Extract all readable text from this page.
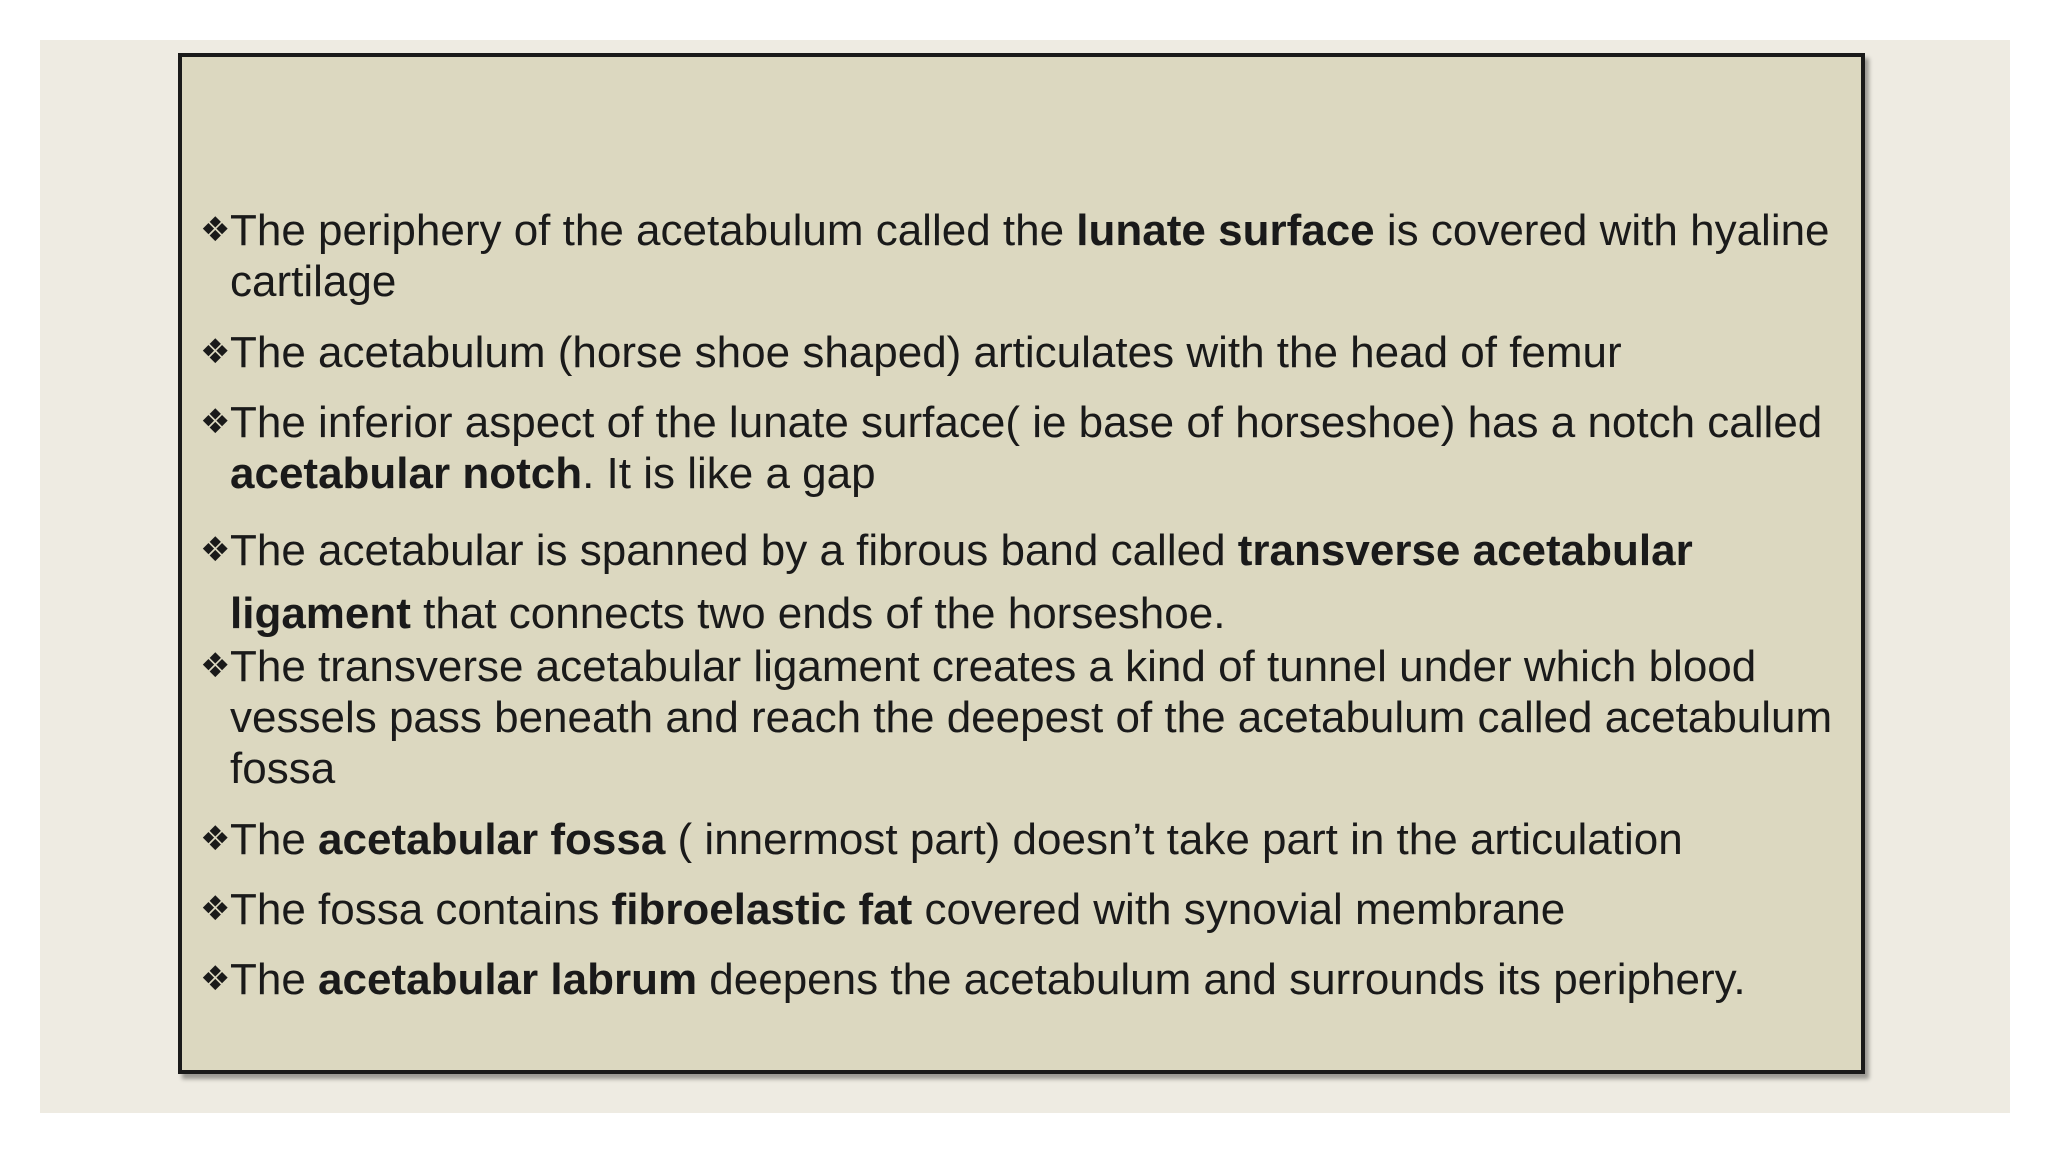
❖ The periphery of the acetabulum called the lunate surface is covered with hyaline cartilage
❖ The acetabulum (horse shoe shaped) articulates with the head of femur
❖ The inferior aspect of the lunate surface( ie base of horseshoe) has a notch called acetabular notch. It is like a gap
❖ The acetabular is spanned by a fibrous band called transverse acetabular ligament that connects two ends of the horseshoe.
❖ The transverse acetabular ligament creates a kind of tunnel under which blood vessels pass beneath and reach the deepest of the acetabulum called acetabulum fossa
❖ The acetabular fossa ( innermost part) doesn’t take part in the articulation
❖ The fossa contains fibroelastic fat covered with synovial membrane
❖ The acetabular labrum deepens the acetabulum and surrounds its periphery.
